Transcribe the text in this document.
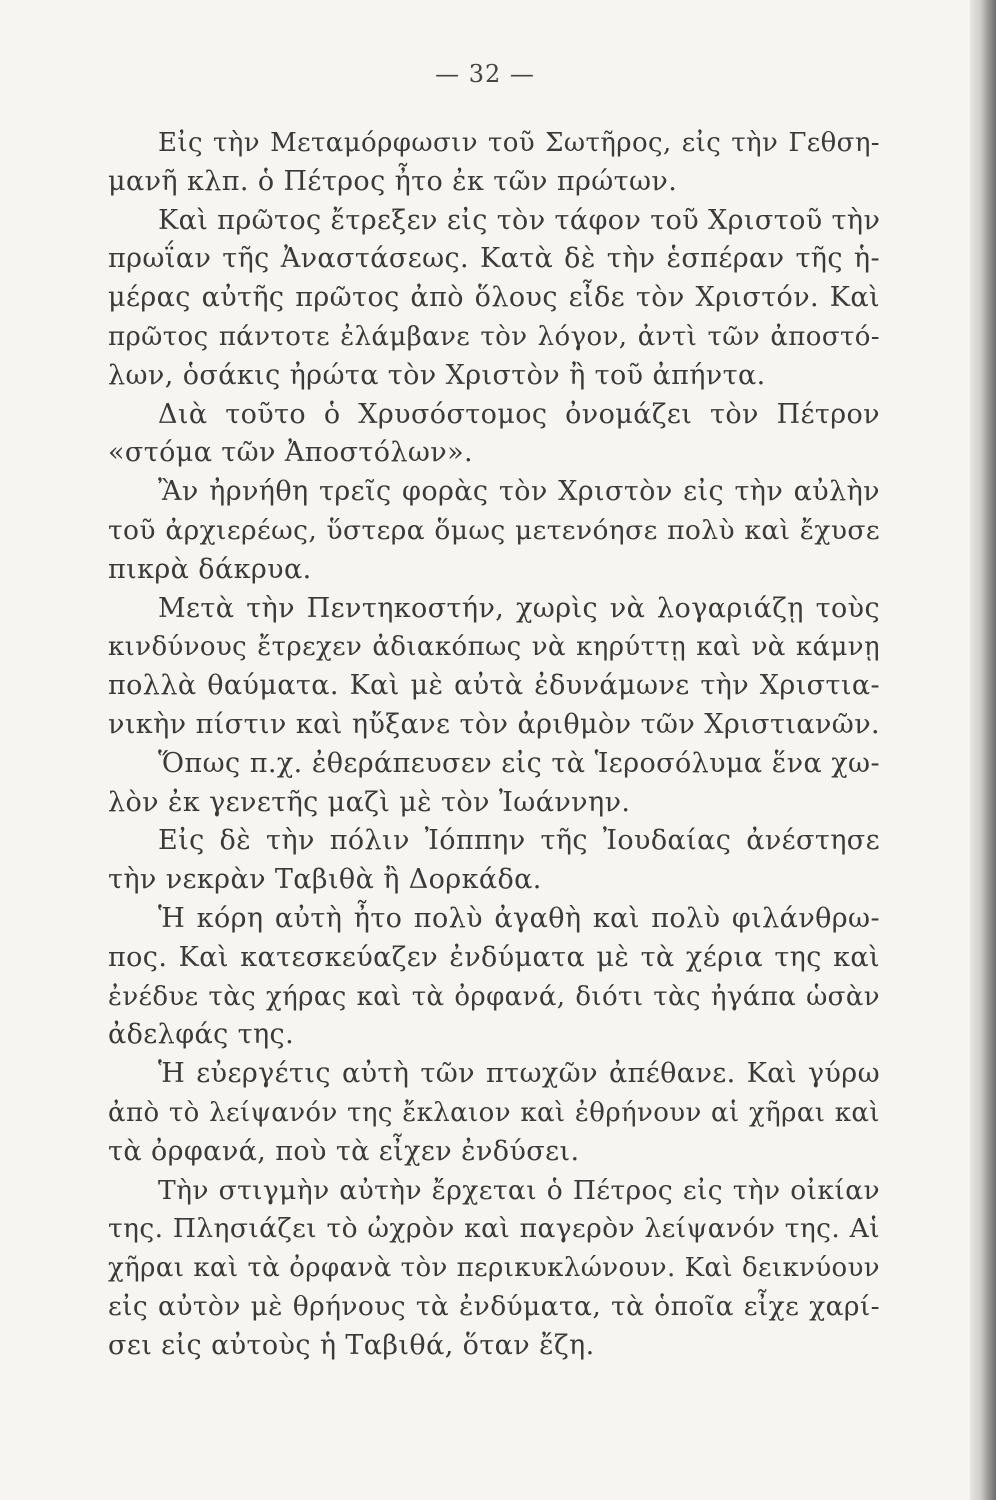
— 32 —
Εἰς τὴν Μεταμόρφωσιν τοῦ Σωτῆρος, εἰς τὴν Γεθση-
μανῆ κλπ. ὁ Πέτρος ἦτο ἐκ τῶν πρώτων.
Καὶ πρῶτος ἔτρεξεν εἰς τὸν τάφον τοῦ Χριστοῦ τὴν
πρωΐαν τῆς Ἀναστάσεως. Κατὰ δὲ τὴν ἑσπέραν τῆς ἡ-
μέρας αὐτῆς πρῶτος ἀπὸ ὅλους εἶδε τὸν Χριστόν. Καὶ
πρῶτος πάντοτε ἐλάμβανε τὸν λόγον, ἀντὶ τῶν ἀποστό-
λων, ὁσάκις ἠρώτα τὸν Χριστὸν ἢ τοῦ ἀπήντα.
Διὰ τοῦτο ὁ Χρυσόστομος ὀνομάζει τὸν Πέτρον
«στόμα τῶν Ἀποστόλων».
Ἂν ἠρνήθη τρεῖς φορὰς τὸν Χριστὸν εἰς τὴν αὐλὴν
τοῦ ἀρχιερέως, ὕστερα ὅμως μετενόησε πολὺ καὶ ἔχυσε
πικρὰ δάκρυα.
Μετὰ τὴν Πεντηκοστήν, χωρὶς νὰ λογαριάζῃ τοὺς
κινδύνους ἔτρεχεν ἀδιακόπως νὰ κηρύττῃ καὶ νὰ κάμνῃ
πολλὰ θαύματα. Καὶ μὲ αὐτὰ ἐδυνάμωνε τὴν Χριστια-
νικὴν πίστιν καὶ ηὔξανε τὸν ἀριθμὸν τῶν Χριστιανῶν.
Ὅπως π.χ. ἐθεράπευσεν εἰς τὰ Ἱεροσόλυμα ἕνα χω-
λὸν ἐκ γενετῆς μαζὶ μὲ τὸν Ἰωάννην.
Εἰς δὲ τὴν πόλιν Ἰόππην τῆς Ἰουδαίας ἀνέστησε
τὴν νεκρὰν Ταβιθὰ ἢ Δορκάδα.
Ἡ κόρη αὐτὴ ἦτο πολὺ ἀγαθὴ καὶ πολὺ φιλάνθρω-
πος. Καὶ κατεσκεύαζεν ἐνδύματα μὲ τὰ χέρια της καὶ
ἐνέδυε τὰς χήρας καὶ τὰ ὀρφανά, διότι τὰς ἠγάπα ὡσὰν
ἀδελφάς της.
Ἡ εὐεργέτις αὐτὴ τῶν πτωχῶν ἀπέθανε. Καὶ γύρω
ἀπὸ τὸ λείψανόν της ἔκλαιον καὶ ἐθρήνουν αἱ χῆραι καὶ
τὰ ὀρφανά, ποὺ τὰ εἶχεν ἐνδύσει.
Τὴν στιγμὴν αὐτὴν ἔρχεται ὁ Πέτρος εἰς τὴν οἰκίαν
της. Πλησιάζει τὸ ὠχρὸν καὶ παγερὸν λείψανόν της. Αἱ
χῆραι καὶ τὰ ὀρφανὰ τὸν περικυκλώνουν. Καὶ δεικνύουν
εἰς αὐτὸν μὲ θρήνους τὰ ἐνδύματα, τὰ ὁποῖα εἶχε χαρί-
σει εἰς αὐτοὺς ἡ Ταβιθά, ὅταν ἔζη.
